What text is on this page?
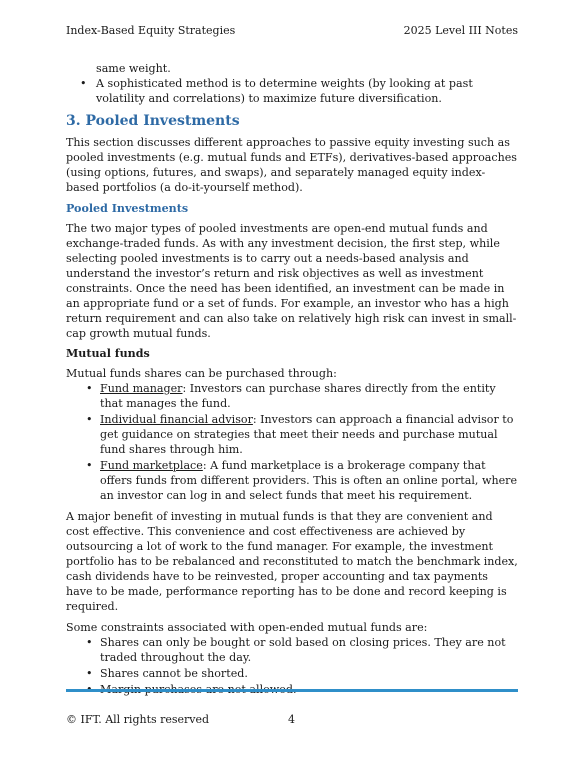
Index-Based Equity Strategies	2025 Level III Notes

same weight.

• A sophisticated method is to determine weights (by looking at past volatility and correlations) to maximize future diversification.
3. Pooled Investments

This section discusses different approaches to passive equity investing such as pooled investments (e.g. mutual funds and ETFs), derivatives-based approaches (using options, futures, and swaps), and separately managed equity index-based portfolios (a do-it-yourself method).

Pooled Investments

The two major types of pooled investments are open-end mutual funds and exchange-traded funds. As with any investment decision, the first step, while selecting pooled investments is to carry out a needs-based analysis and understand the investor’s return and risk objectives as well as investment constraints. Once the need has been identified, an investment can be made in an appropriate fund or a set of funds. For example, an investor who has a high return requirement and can also take on relatively high risk can invest in small-cap growth mutual funds.

Mutual funds

Mutual funds shares can be purchased through:

• Fund manager: Investors can purchase shares directly from the entity that manages the fund.
• Individual financial advisor: Investors can approach a financial advisor to get guidance on strategies that meet their needs and purchase mutual fund shares through him.
• Fund marketplace: A fund marketplace is a brokerage company that offers funds from different providers. This is often an online portal, where an investor can log in and select funds that meet his requirement.

A major benefit of investing in mutual funds is that they are convenient and cost effective. This convenience and cost effectiveness are achieved by outsourcing a lot of work to the fund manager. For example, the investment portfolio has to be rebalanced and reconstituted to match the benchmark index, cash dividends have to be reinvested, proper accounting and tax payments have to be made, performance reporting has to be done and record keeping is required.

Some constraints associated with open-ended mutual funds are:

• Shares can only be bought or sold based on closing prices. They are not traded throughout the day.
• Shares cannot be shorted.
•
© IFT. All rights reserved	4
